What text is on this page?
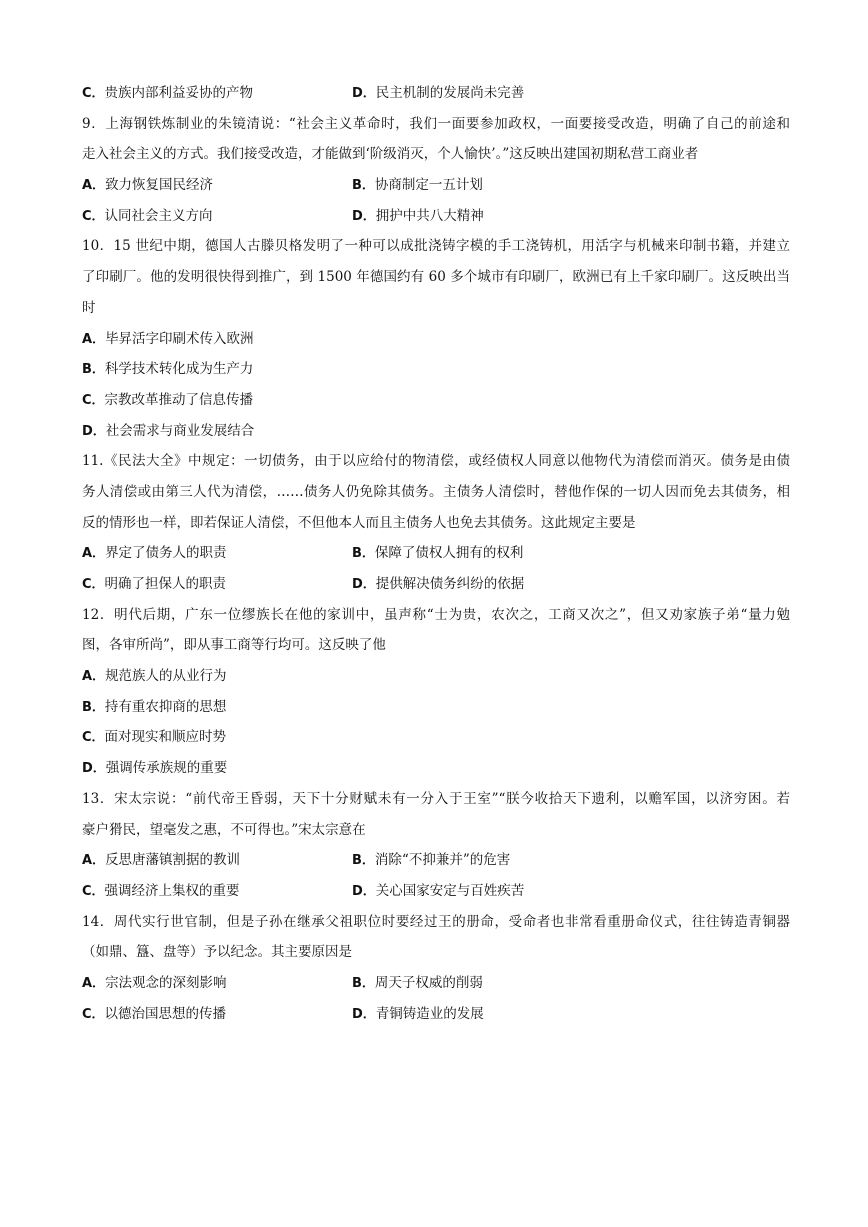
C．贵族内部利益妥协的产物	D．民主机制的发展尚未完善
9．上海钢铁炼制业的朱镜清说：“社会主义革命时，我们一面要参加政权，一面要接受改造，明确了自己的前途和
走入社会主义的方式。我们接受改造，才能做到‘阶级消灭，个人愉快’。”这反映出建国初期私营工商业者
A．致力恢复国民经济	B．协商制定一五计划
C．认同社会主义方向	D．拥护中共八大精神
10．15 世纪中期，德国人古滕贝格发明了一种可以成批浇铸字模的手工浇铸机，用活字与机械来印制书籍，并建立
了印刷厂。他的发明很快得到推广，到 1500 年德国约有 60 多个城市有印刷厂，欧洲已有上千家印刷厂。这反映出当
时
A．毕昇活字印刷术传入欧洲
B．科学技术转化成为生产力
C．宗教改革推动了信息传播
D．社会需求与商业发展结合
11.《民法大全》中规定：一切债务，由于以应给付的物清偿，或经债权人同意以他物代为清偿而消灭。债务是由债
务人清偿或由第三人代为清偿，……债务人仍免除其债务。主债务人清偿时，替他作保的一切人因而免去其债务，相
反的情形也一样，即若保证人清偿，不但他本人而且主债务人也免去其债务。这此规定主要是
A．界定了债务人的职责	B．保障了债权人拥有的权利
C．明确了担保人的职责	D．提供解决债务纠纷的依据
12．明代后期，广东一位缪族长在他的家训中，虽声称“士为贵，农次之，工商又次之”，但又劝家族子弟“量力勉
图，各审所尚”，即从事工商等行均可。这反映了他
A．规范族人的从业行为
B．持有重农抑商的思想
C．面对现实和顺应时势
D．强调传承族规的重要
13．宋太宗说：“前代帝王昏弱，天下十分财赋未有一分入于王室”“朕今收拾天下遗利，以赡军国，以济穷困。若
豪户猾民，望毫发之惠，不可得也。”宋太宗意在
A．反思唐藩镇割据的教训	B．消除“不抑兼并”的危害
C．强调经济上集权的重要	D．关心国家安定与百姓疾苦
14．周代实行世官制，但是子孙在继承父祖职位时要经过王的册命，受命者也非常看重册命仪式，往往铸造青铜器
（如鼎、簋、盘等）予以纪念。其主要原因是
A．宗法观念的深刻影响	B．周天子权威的削弱
C．以德治国思想的传播	D．青铜铸造业的发展
